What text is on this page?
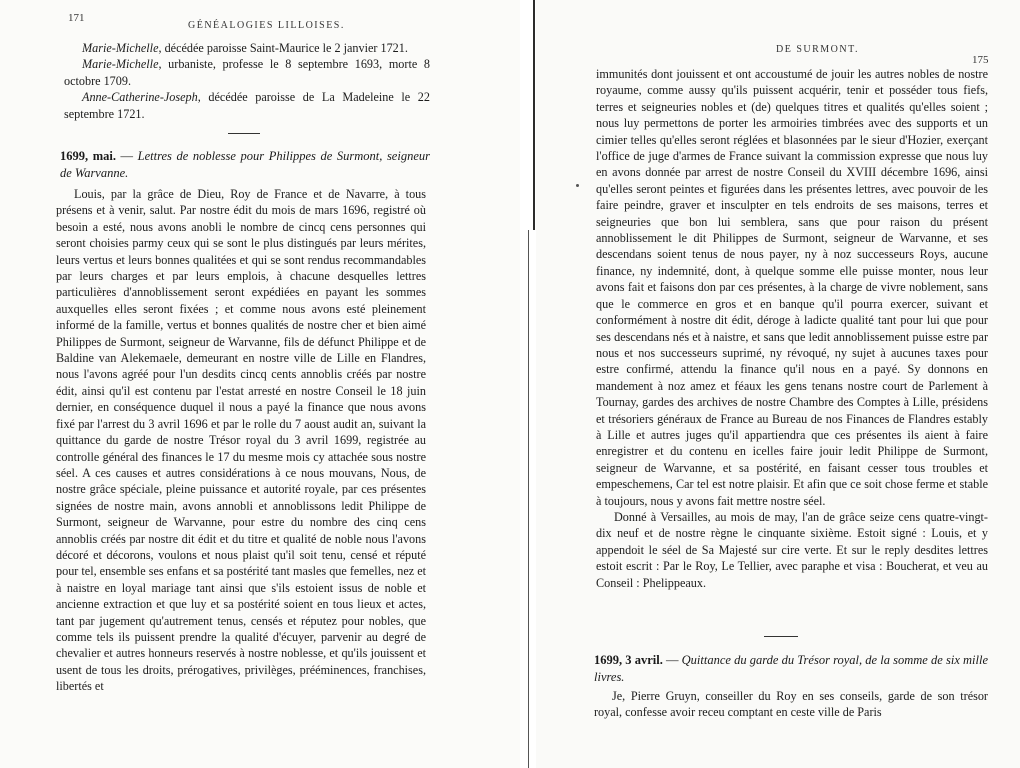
171
GÉNÉALOGIES LILLOISES.

Marie-Michelle, décédée paroisse Saint-Maurice le 2 janvier 1721.

Marie-Michelle, urbaniste, professe le 8 septembre 1693, morte 8 octobre 1709.

Anne-Catherine-Joseph, décédée paroisse de La Madeleine le 22 septembre 1721.

1699, mai. — Lettres de noblesse pour Philippes de Surmont, seigneur de Warvanne.

Louis, par la grâce de Dieu, Roy de France et de Navarre, à tous présens et à venir, salut. Par nostre édit du mois de mars 1696, registré où besoin a esté, nous avons anobli le nombre de cincq cens personnes qui seront choisies parmy ceux qui se sont le plus distingués par leurs mérites, leurs vertus et leurs bonnes qualitées et qui se sont rendus recommandables par leurs charges et par leurs emplois, à chacune desquelles lettres particulières d'annoblissement seront expédiées en payant les sommes auxquelles elles seront fixées ; et comme nous avons esté pleinement informé de la famille, vertus et bonnes qualités de nostre cher et bien aimé Philippes de Surmont, seigneur de Warvanne, fils de défunct Philippe et de Baldine van Alekemaele, demeurant en nostre ville de Lille en Flandres, nous l'avons agréé pour l'un desdits cincq cents annoblis créés par nostre édit, ainsi qu'il est contenu par l'estat arresté en nostre Conseil le 18 juin dernier, en conséquence duquel il nous a payé la finance que nous avons fixé par l'arrest du 3 avril 1696 et par le rolle du 7 aoust audit an, suivant la quittance du garde de nostre Trésor royal du 3 avril 1699, registrée au controlle général des finances le 17 du mesme mois cy attachée sous nostre séel. A ces causes et autres considérations à ce nous mouvans, Nous, de nostre grâce spéciale, pleine puissance et autorité royale, par ces présentes signées de nostre main, avons annobli et annoblissons ledit Philippe de Surmont, seigneur de Warvanne, pour estre du nombre des cinq cens annoblis créés par nostre dit édit et du titre et qualité de noble nous l'avons décoré et décorons, voulons et nous plaist qu'il soit tenu, censé et réputé pour tel, ensemble ses enfans et sa postérité tant masles que femelles, nez et à naistre en loyal mariage tant ainsi que s'ils estoient issus de noble et ancienne extraction et que luy et sa postérité soient en tous lieux et actes, tant par jugement qu'autrement tenus, censés et réputez pour nobles, que comme tels ils puissent prendre la qualité d'écuyer, parvenir au degré de chevalier et autres honneurs reservés à nostre noblesse, et qu'ils jouissent et usent de tous les droits, prérogatives, privilèges, prééminences, franchises, libertés et

DE SURMONT.
175

immunités dont jouissent et ont accoustumé de jouir les autres nobles de nostre royaume, comme aussy qu'ils puissent acquérir, tenir et posséder tous fiefs, terres et seigneuries nobles et (de) quelques titres et qualités qu'elles soient ; nous luy permettons de porter les armoiries timbrées avec des supports et un cimier telles qu'elles seront réglées et blasonnées par le sieur d'Hozier, exerçant l'office de juge d'armes de France suivant la commission expresse que nous luy en avons donnée par arrest de nostre Conseil du XVIII décembre 1696, ainsi qu'elles seront peintes et figurées dans les présentes lettres, avec pouvoir de les faire peindre, graver et insculpter en tels endroits de ses maisons, terres et seigneuries que bon lui semblera, sans que pour raison du présent annoblissement le dit Philippes de Surmont, seigneur de Warvanne, et ses descendans soient tenus de nous payer, ny à noz successeurs Roys, aucune finance, ny indemnité, dont, à quelque somme elle puisse monter, nous leur avons fait et faisons don par ces présentes, à la charge de vivre noblement, sans que le commerce en gros et en banque qu'il pourra exercer, suivant et conformément à nostre dit édit, déroge à ladicte qualité tant pour lui que pour ses descendans nés et à naistre, et sans que ledit annoblissement puisse estre par nous et nos successeurs suprimé, ny révoqué, ny sujet à aucunes taxes pour estre confirmé, attendu la finance qu'il nous en a payé. Sy donnons en mandement à noz amez et féaux les gens tenans nostre court de Parlement à Tournay, gardes des archives de nostre Chambre des Comptes à Lille, présidens et trésoriers généraux de France au Bureau de nos Finances de Flandres estably à Lille et autres juges qu'il appartiendra que ces présentes ils aient à faire enregistrer et du contenu en icelles faire jouir ledit Philippe de Surmont, seigneur de Warvanne, et sa postérité, en faisant cesser tous troubles et empeschemens, Car tel est notre plaisir. Et afin que ce soit chose ferme et stable à toujours, nous y avons fait mettre nostre séel.

Donné à Versailles, au mois de may, l'an de grâce seize cens quatre-vingt-dix neuf et de nostre règne le cinquante sixième. Estoit signé : Louis, et y appendoit le séel de Sa Majesté sur cire verte. Et sur le reply desdites lettres estoit escrit : Par le Roy, Le Tellier, avec paraphe et visa : Boucherat, et veu au Conseil : Phelippeaux.

1699, 3 avril. — Quittance du garde du Trésor royal, de la somme de six mille livres.

Je, Pierre Gruyn, conseiller du Roy en ses conseils, garde de son trésor royal, confesse avoir receu comptant en ceste ville de Paris
